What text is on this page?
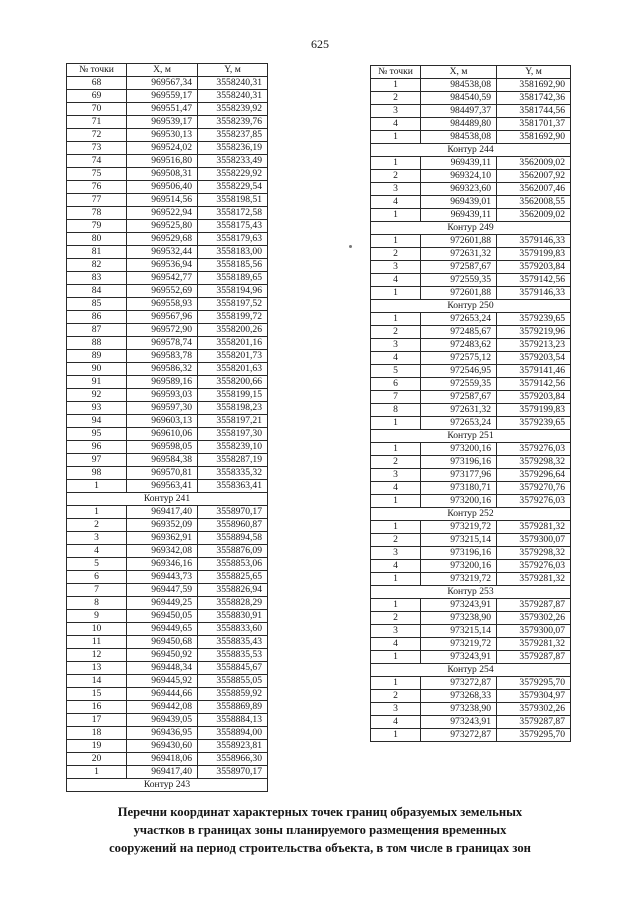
625
№ точки	X, м	Y, м
68	969567,34	3558240,31
69	969559,17	3558240,31
70	969551,47	3558239,92
71	969539,17	3558239,76
72	969530,13	3558237,85
73	969524,02	3558236,19
74	969516,80	3558233,49
75	969508,31	3558229,92
76	969506,40	3558229,54
77	969514,56	3558198,51
78	969522,94	3558172,58
79	969525,80	3558175,43
80	969529,68	3558179,63
81	969532,44	3558183,00
82	969536,94	3558185,56
83	969542,77	3558189,65
84	969552,69	3558194,96
85	969558,93	3558197,52
86	969567,96	3558199,72
87	969572,90	3558200,26
88	969578,74	3558201,16
89	969583,78	3558201,73
90	969586,32	3558201,63
91	969589,16	3558200,66
92	969593,03	3558199,15
93	969597,30	3558198,23
94	969603,13	3558197,21
95	969610,06	3558197,30
96	969598,05	3558239,10
97	969584,38	3558287,19
98	969570,81	3558335,32
1	969563,41	3558363,41
Контур 241		
1	969417,40	3558970,17
2	969352,09	3558960,87
3	969362,91	3558894,58
4	969342,08	3558876,09
5	969346,16	3558853,06
6	969443,73	3558825,65
7	969447,59	3558826,94
8	969449,25	3558828,29
9	969450,05	3558830,91
10	969449,65	3558833,60
11	969450,68	3558835,43
12	969450,92	3558835,53
13	969448,34	3558845,67
14	969445,92	3558855,05
15	969444,66	3558859,92
16	969442,08	3558869,89
17	969439,05	3558884,13
18	969436,95	3558894,00
19	969430,60	3558923,81
20	969418,06	3558966,30
1	969417,40	3558970,17
Контур 243		
№ точки	X, м	Y, м
1	984538,08	3581692,90
2	984540,59	3581742,36
3	984497,37	3581744,56
4	984489,80	3581701,37
1	984538,08	3581692,90
Контур 244		
1	969439,11	3562009,02
2	969324,10	3562007,92
3	969323,60	3562007,46
4	969439,01	3562008,55
1	969439,11	3562009,02
Контур 249		
1	972601,88	3579146,33
2	972631,32	3579199,83
3	972587,67	3579203,84
4	972559,35	3579142,56
1	972601,88	3579146,33
Контур 250		
1	972653,24	3579239,65
2	972485,67	3579219,96
3	972483,62	3579213,23
4	972575,12	3579203,54
5	972546,95	3579141,46
6	972559,35	3579142,56
7	972587,67	3579203,84
8	972631,32	3579199,83
1	972653,24	3579239,65
Контур 251		
1	973200,16	3579276,03
2	973196,16	3579298,32
3	973177,96	3579296,64
4	973180,71	3579270,76
1	973200,16	3579276,03
Контур 252		
1	973219,72	3579281,32
2	973215,14	3579300,07
3	973196,16	3579298,32
4	973200,16	3579276,03
1	973219,72	3579281,32
Контур 253		
1	973243,91	3579287,87
2	973238,90	3579302,26
3	973215,14	3579300,07
4	973219,72	3579281,32
1	973243,91	3579287,87
Контур 254		
1	973272,87	3579295,70
2	973268,33	3579304,97
3	973238,90	3579302,26
4	973243,91	3579287,87
1	973272,87	3579295,70
Перечни координат характерных точек границ образуемых земельных
участков в границах зоны планируемого размещения временных
сооружений на период строительства объекта, в том числе в границах зон
